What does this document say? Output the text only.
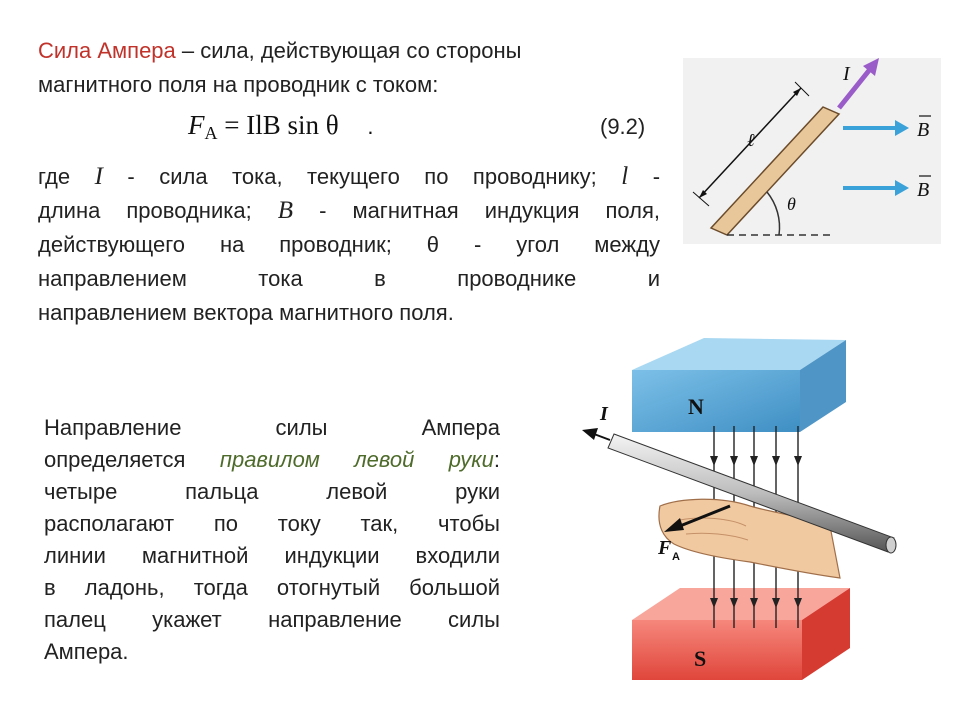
Сила Ампера – сила, действующая со стороны
магнитного поля на проводник с током:
$F_A$ = IlB sin θ .	(9.2)
где I - сила тока, текущего по проводнику; l -
длина проводника; B - магнитная индукция поля,
действующего на проводник; θ - угол между
направлением тока в проводнике и
направлением вектора магнитного поля.
Направление силы Ампера
определяется правилом левой руки:
четыре пальца левой руки
располагают по току так, чтобы
линии магнитной индукции входили
в ладонь, тогда отогнутый большой
палец укажет направление силы
Ампера.
ℓ
I
θ
B
B
N
S
I
F A
